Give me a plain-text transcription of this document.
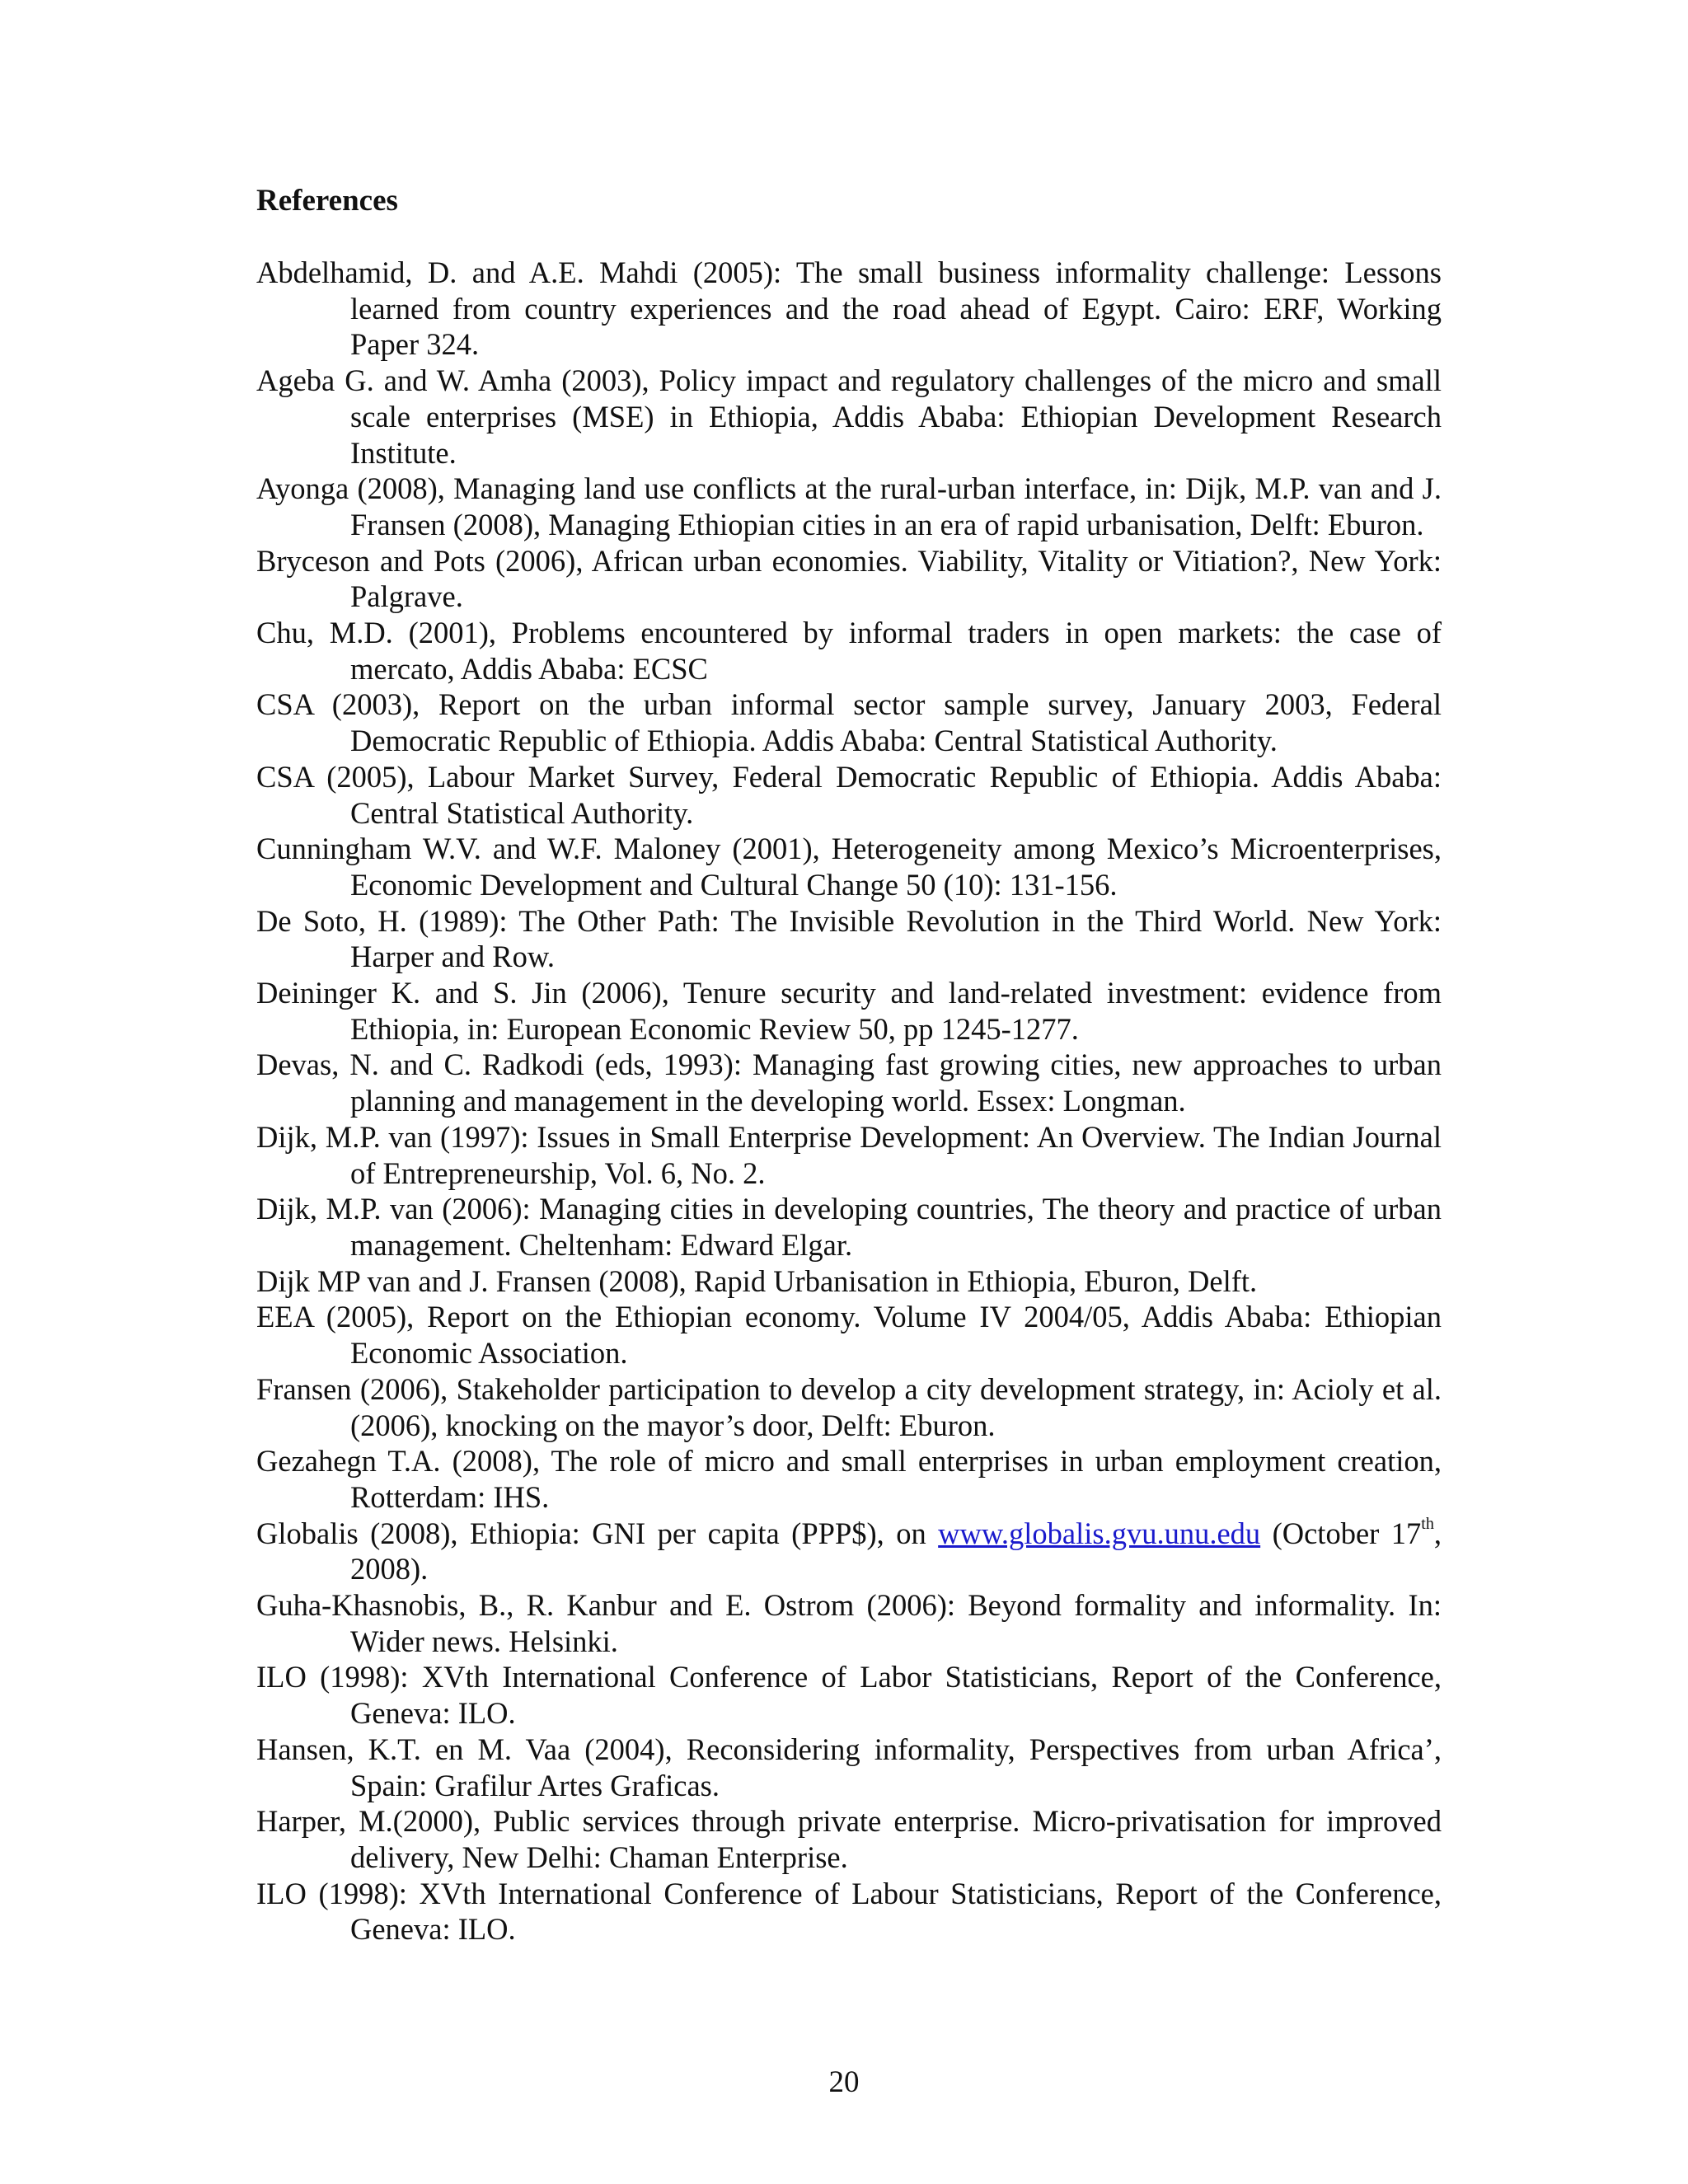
References

Abdelhamid, D. and A.E. Mahdi (2005): The small business informality challenge: Lessons learned from country experiences and the road ahead of Egypt. Cairo: ERF, Working Paper 324.

Ageba G. and W. Amha (2003), Policy impact and regulatory challenges of the micro and small scale enterprises (MSE) in Ethiopia, Addis Ababa: Ethiopian Development Research Institute.

Ayonga (2008), Managing land use conflicts at the rural-urban interface, in: Dijk, M.P. van and J. Fransen (2008), Managing Ethiopian cities in an era of rapid urbanisation, Delft: Eburon.

Bryceson and Pots (2006), African urban economies. Viability, Vitality or Vitiation?, New York: Palgrave.

Chu, M.D. (2001), Problems encountered by informal traders in open markets: the case of mercato, Addis Ababa: ECSC

CSA (2003), Report on the urban informal sector sample survey, January 2003, Federal Democratic Republic of Ethiopia. Addis Ababa: Central Statistical Authority.

CSA (2005), Labour Market Survey, Federal Democratic Republic of Ethiopia. Addis Ababa: Central Statistical Authority.

Cunningham W.V. and W.F. Maloney (2001), Heterogeneity among Mexico’s Microenterprises, Economic Development and Cultural Change 50 (10): 131-156.

De Soto, H. (1989): The Other Path: The Invisible Revolution in the Third World. New York: Harper and Row.

Deininger K. and S. Jin (2006), Tenure security and land-related investment: evidence from Ethiopia, in: European Economic Review 50, pp 1245-1277.

Devas, N. and C. Radkodi (eds, 1993): Managing fast growing cities, new approaches to urban planning and management in the developing world. Essex: Longman.

Dijk, M.P. van (1997): Issues in Small Enterprise Development: An Overview. The Indian Journal of Entrepreneurship, Vol. 6, No. 2.

Dijk, M.P. van (2006): Managing cities in developing countries, The theory and practice of urban management. Cheltenham: Edward Elgar.

Dijk MP van and J. Fransen (2008), Rapid Urbanisation in Ethiopia, Eburon, Delft.

EEA (2005), Report on the Ethiopian economy. Volume IV 2004/05, Addis Ababa: Ethiopian Economic Association.

Fransen (2006), Stakeholder participation to develop a city development strategy, in: Acioly et al. (2006), knocking on the mayor’s door, Delft: Eburon.

Gezahegn T.A. (2008), The role of micro and small enterprises in urban employment creation, Rotterdam: IHS.

Globalis (2008), Ethiopia: GNI per capita (PPP$), on www.globalis.gvu.unu.edu (October 17th, 2008).

Guha-Khasnobis, B., R. Kanbur and E. Ostrom (2006): Beyond formality and informality. In: Wider news. Helsinki.

ILO (1998): XVth International Conference of Labor Statisticians, Report of the Conference, Geneva: ILO.

Hansen, K.T. en M. Vaa (2004), Reconsidering informality, Perspectives from urban Africa’, Spain: Grafilur Artes Graficas.

Harper, M.(2000), Public services through private enterprise. Micro-privatisation for improved delivery, New Delhi: Chaman Enterprise.

ILO (1998): XVth International Conference of Labour Statisticians, Report of the Conference, Geneva: ILO.

20
